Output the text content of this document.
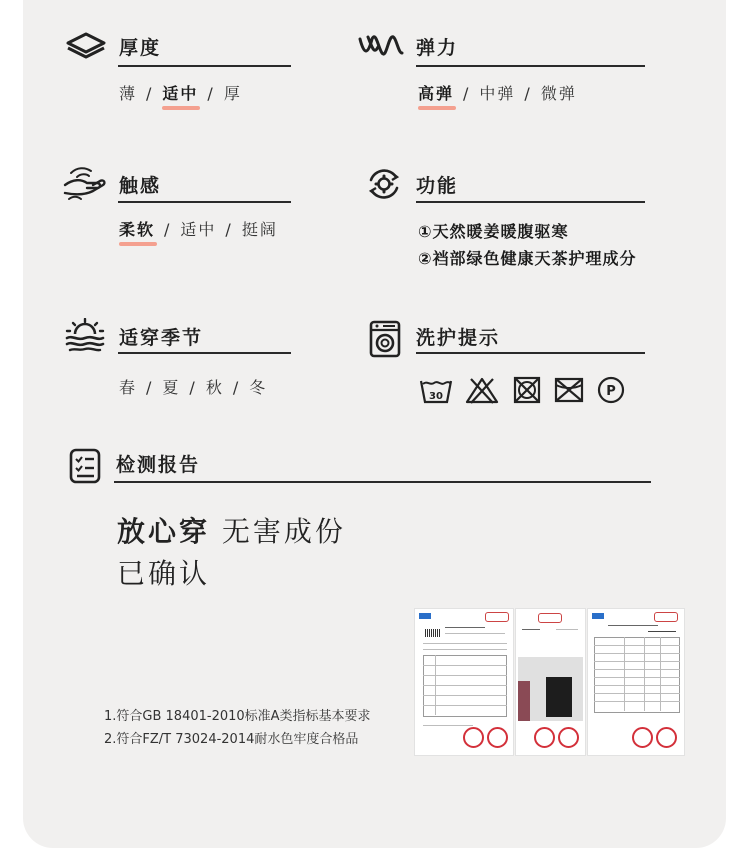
厚度
薄 / 适中 / 厚
弹力
高弹 / 中弹 / 微弹
触感
柔软 / 适中 / 挺阔
功能
①天然暖姜暖腹驱寒
②裆部绿色健康天茶护理成分
适穿季节
春 / 夏 / 秋 / 冬
洗护提示
30	P
检测报告
放心穿 无害成份
已确认
1.符合GB 18401-2010标准A类指标基本要求
2.符合FZ/T 73024-2014耐水色牢度合格品
